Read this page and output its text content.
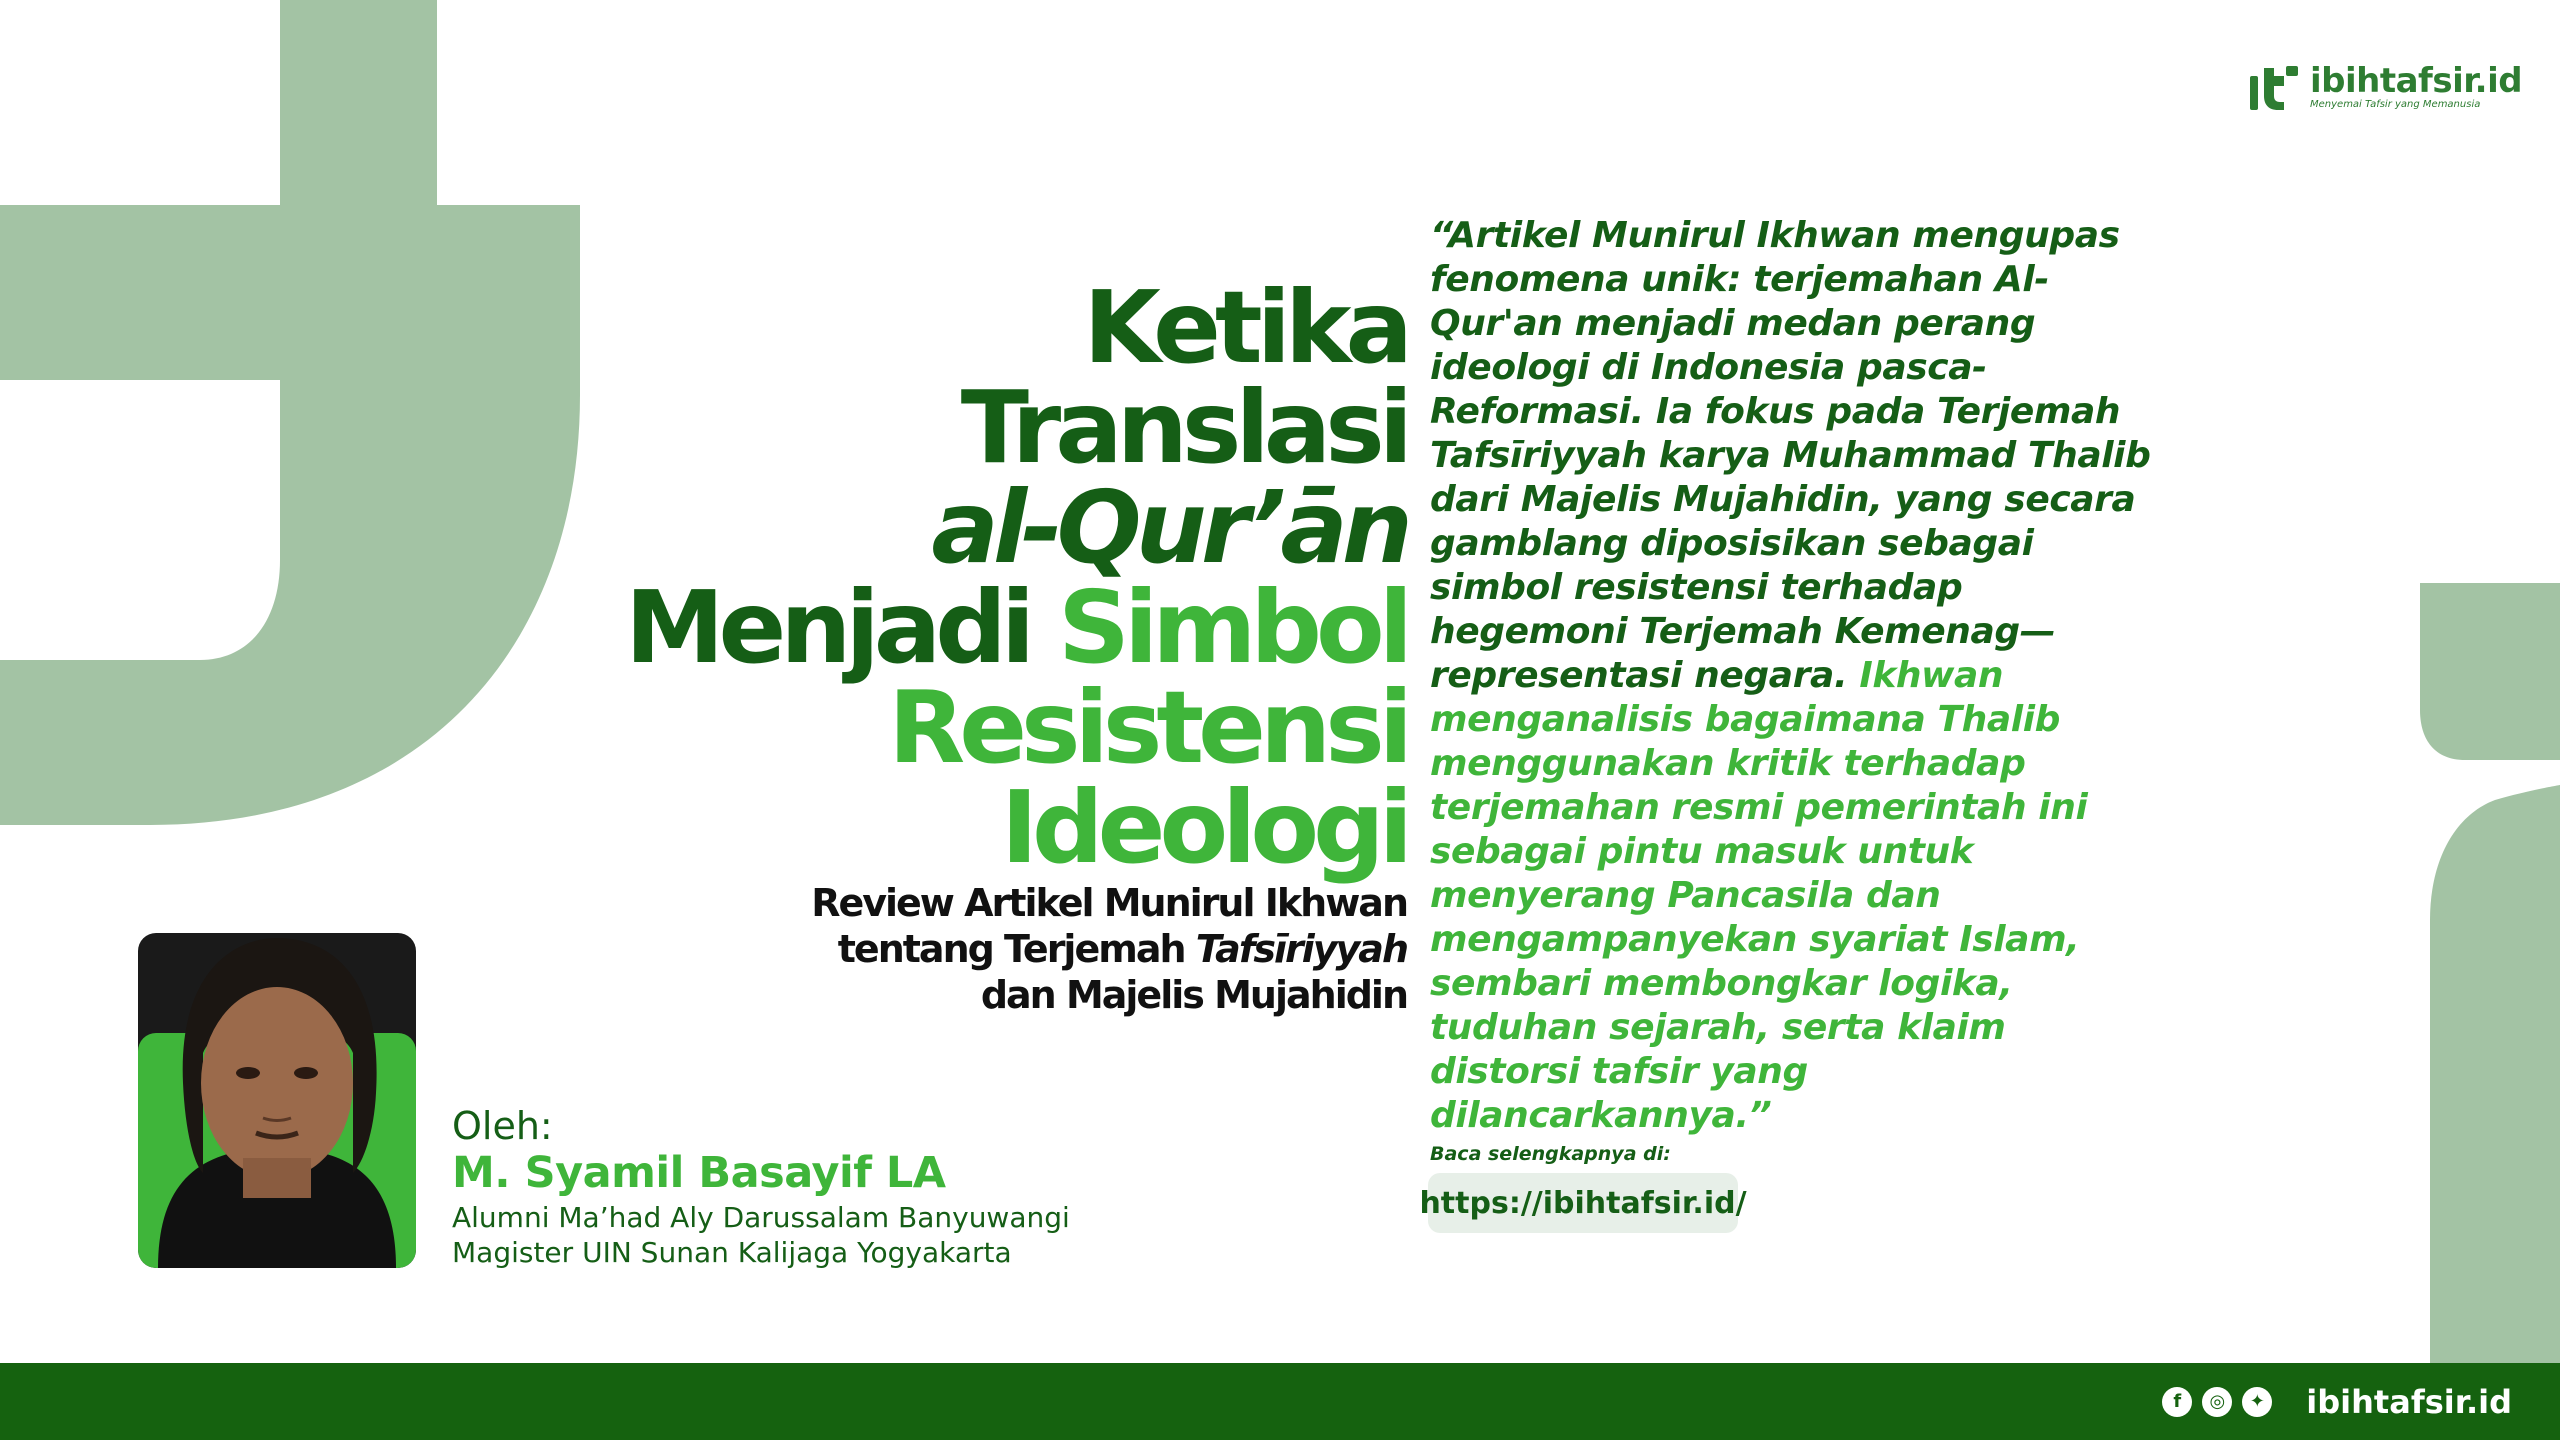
ibihtafsir.id
Menyemai Tafsir yang Memanusia
Ketika
Translasi
al-Qur’ān
Menjadi Simbol
Resistensi
Ideologi
Review Artikel Munirul Ikhwan
tentang Terjemah Tafsīriyyah
dan Majelis Mujahidin
Oleh:
M. Syamil Basayif LA
Alumni Ma’had Aly Darussalam Banyuwangi
Magister UIN Sunan Kalijaga Yogyakarta
“Artikel Munirul Ikhwan mengupas fenomena unik: terjemahan Al-Qur'an menjadi medan perang ideologi di Indonesia pasca-Reformasi. Ia fokus pada Terjemah Tafsīriyyah karya Muhammad Thalib dari Majelis Mujahidin, yang secara gamblang diposisikan sebagai simbol resistensi terhadap hegemoni Terjemah Kemenag—representasi negara. Ikhwan menganalisis bagaimana Thalib menggunakan kritik terhadap terjemahan resmi pemerintah ini sebagai pintu masuk untuk menyerang Pancasila dan mengampanyekan syariat Islam, sembari membongkar logika, tuduhan sejarah, serta klaim distorsi tafsir yang dilancarkannya.”
Baca selengkapnya di:
https://ibihtafsir.id/
f	◎	✦ ibihtafsir.id
